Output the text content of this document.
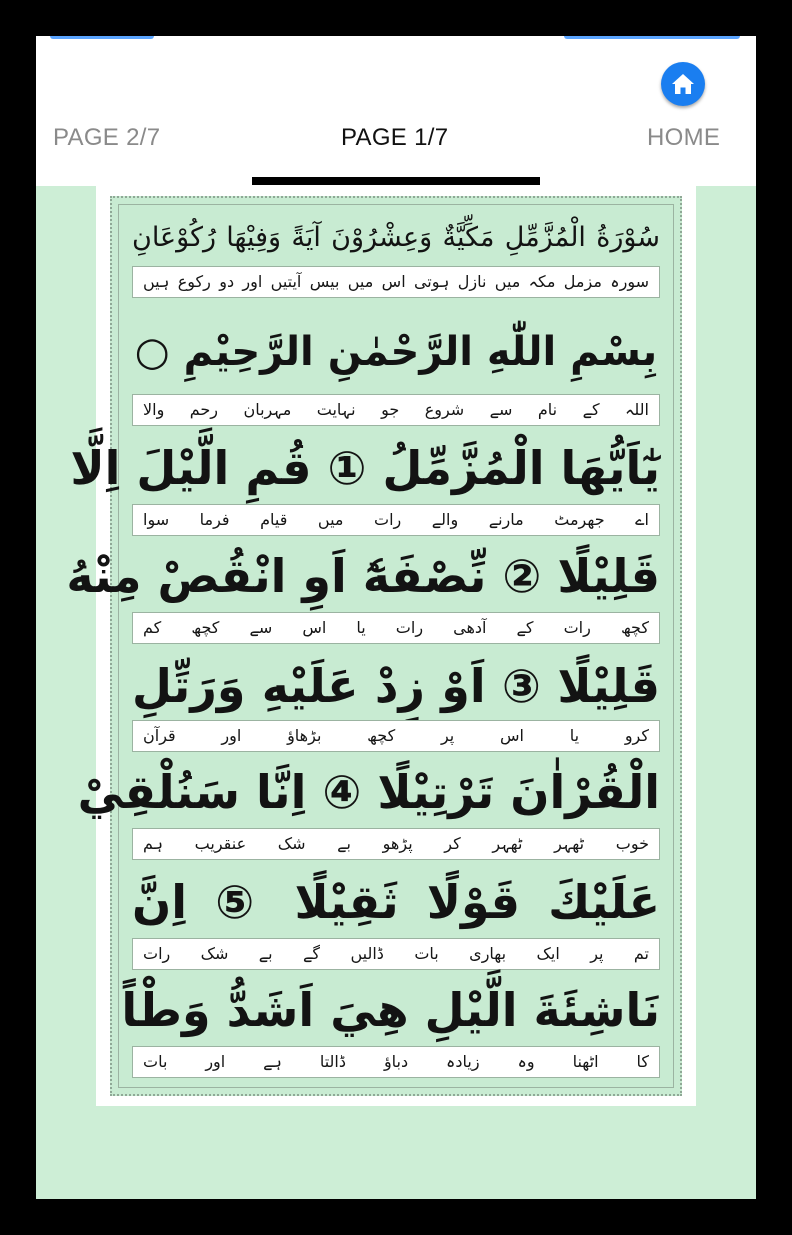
PAGE 2/7	PAGE 1/7	HOME
سُوْرَةُ الْمُزَّمِّلِ مَكِّيَّةٌ وَعِشْرُوْنَ آيَةً وَفِيْهَا رُكُوْعَانِ
سورہ مزمل مکہ میں نازل ہوتی اس میں بیس آیتیں اور دو رکوع ہیں
بِسْمِ اللّٰهِ الرَّحْمٰنِ الرَّحِيْمِ ○
اللہ کے نام سے شروع جو نہایت مہربان رحم والا
يٰٓاَيُّهَا الْمُزَّمِّلُ ① قُمِ الَّيْلَ اِلَّا
اے جھرمٹ مارنے والے رات میں قیام فرما سوا
قَلِيْلًا ② نِّصْفَهٗٓ اَوِ انْقُصْ مِنْهُ
کچھ رات کے آدھی رات یا اس سے کچھ کم
قَلِيْلًا ③ اَوْ زِدْ عَلَيْهِ وَرَتِّلِ
کرو یا اس پر کچھ بڑھاؤ اور قرآن
الْقُرْاٰنَ تَرْتِيْلًا ④ اِنَّا سَنُلْقِيْ
خوب ٹھہر ٹھہر کر پڑھو بے شک عنقریب ہم
عَلَيْكَ قَوْلًا ثَقِيْلًا ⑤ اِنَّ
تم پر ایک بھاری بات ڈالیں گے بے شک رات
نَاشِئَةَ الَّيْلِ هِيَ اَشَدُّ وَطْاً
کا اٹھنا وہ زیادہ دباؤ ڈالتا ہے اور بات
